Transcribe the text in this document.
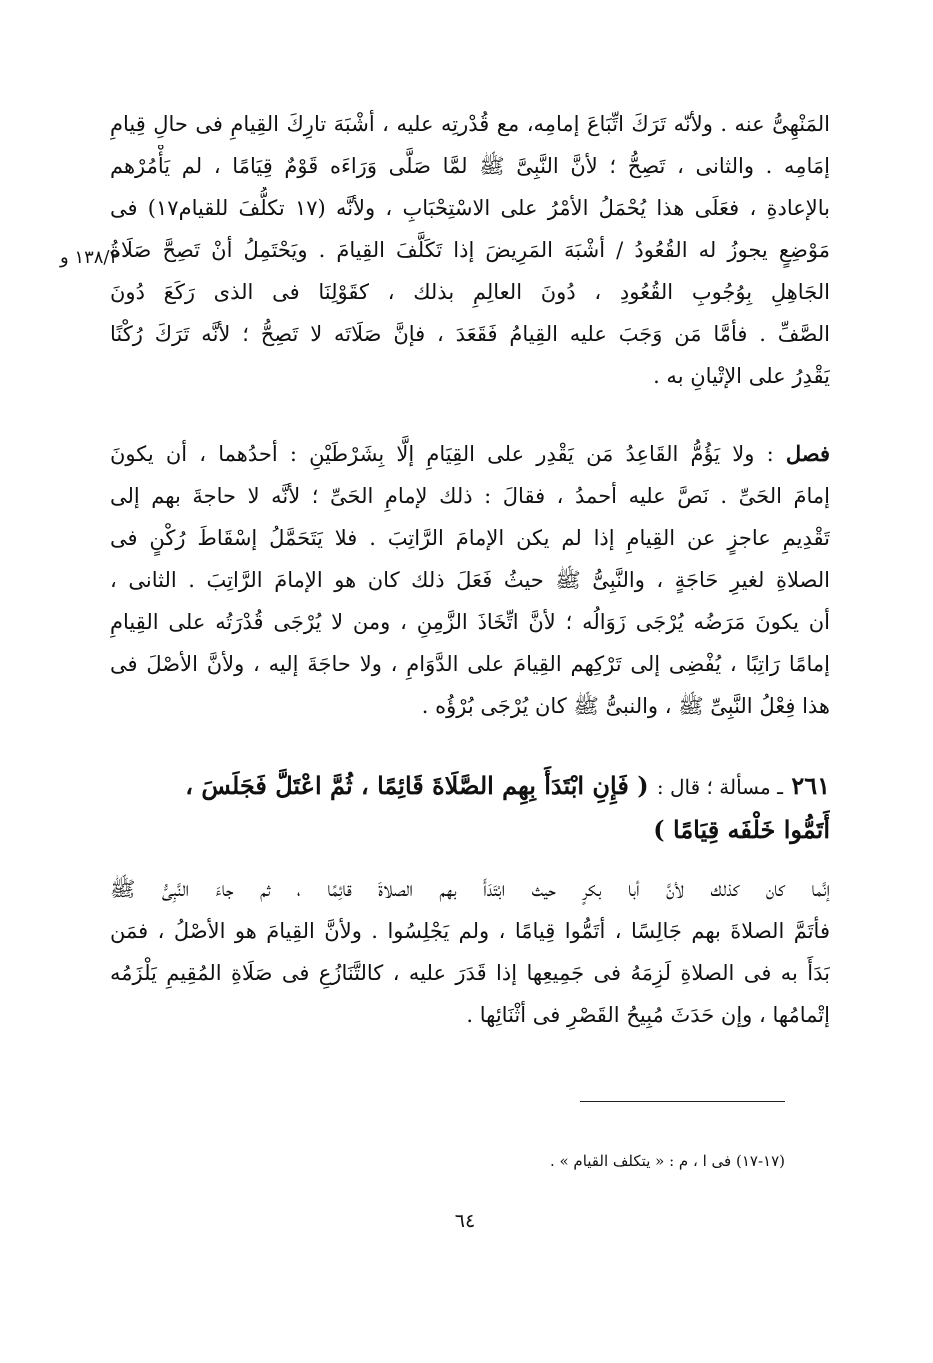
المَنْهِىُّ عنه . ولأنّه تَرَكَ اتِّبَاعَ إمامِه، مع قُدْرتِه عليه ، أشْبَهَ تارِكَ القِيامِ فى حالِ قِيامِ
إمَامِه . والثانى ، تَصِحُّ ؛ لأنَّ النَّبِىَّ ﷺ لمَّا صَلَّى وَرَاءَه قَوْمٌ قِيَامًا ، لم يَأْمُرْهم
بالإعادةِ ، فعَلَى هذا يُحْمَلُ الأمْرُ على الاسْتِحْبَابِ ، ولأنَّه (١٧ تكلُّفَ للقيام١٧) فى
مَوْضِعٍ يجوزُ له القُعُودُ / أشْبَهَ المَرِيضَ إذا تَكَلَّفَ القِيامَ . ويَحْتَمِلُ أنْ تَصِحَّ صَلَاةُ
الجَاهِلِ بِوُجُوبِ القُعُودِ ، دُونَ العالِمِ بذلك ، كقَوْلِنَا فى الذى رَكَعَ دُونَ
الصَّفِّ . فأمَّا مَن وَجَبَ عليه القِيامُ فَقَعَدَ ، فإنَّ صَلَاتَه لا تَصِحُّ ؛ لأنَّه تَرَكَ رُكْنًا
يَقْدِرُ على الإتْيانِ به .
١٣٨/٢ و
فصل : ولا يَؤُمُّ القَاعِدُ مَن يَقْدِر على القِيَامِ إلَّا بِشَرْطَيْنِ : أحدُهما ، أن يكونَ
إمامَ الحَىِّ . نَصَّ عليه أحمدُ ، فقالَ : ذلك لإمامِ الحَىِّ ؛ لأنَّه لا حاجةَ بهم إلى
تَقْدِيمِ عاجزٍ عن القِيامِ إذا لم يكن الإمامَ الرَّاتِبَ . فلا يَتَحَمَّلُ إسْقَاطَ رُكْنٍ فى
الصلاةِ لغيرِ حَاجَةٍ ، والنَّبِىُّ ﷺ حيثُ فَعَلَ ذلك كان هو الإمامَ الرَّاتِبَ . الثانى ،
أن يكونَ مَرَضُه يُرْجَى زَوَالُه ؛ لأنَّ اتِّخَاذَ الزَّمِنِ ، ومن لا يُرْجَى قُدْرَتُه على القِيامِ
إمامًا رَاتِبًا ، يُفْضِى إلى تَرْكِهم القِيامَ على الدَّوَامِ ، ولا حاجَةَ إليه ، ولأنَّ الأصْلَ فى
هذا فِعْلُ النَّبِىِّ ﷺ ، والنبىُّ ﷺ كان يُرْجَى بُرْؤُه .
٢٦١ ـ مسألة ؛ قال : ( فَإِنِ ابْتَدَأَ بِهِم الصَّلَاةَ قَائِمًا ، ثُمَّ اعْتَلَّ فَجَلَسَ ،
أَتَمُّوا خَلْفَه قِيَامًا )
إنَّما كان كذلك لأنَّ أبا بكرٍ حيث ابْتَدَأَ بهم الصلاةَ قائِمًا ، ثم جاءَ النَّبِىُّ ﷺ
فأتَمَّ الصلاةَ بهم جَالِسًا ، أتَمُّوا قِيامًا ، ولم يَجْلِسُوا . ولأنَّ القِيامَ هو الأصْلُ ، فمَن
بَدَأَ به فى الصلاةِ لَزِمَهُ فى جَمِيعِها إذا قَدَرَ عليه ، كالتَّنَازُعِ فى صَلَاةِ المُقِيمِ يَلْزَمُه
إتْمامُها ، وإن حَدَثَ مُبِيحُ القَصْرِ فى أثْنَائِها .
(١٧-١٧) فى ا ، م : « يتكلف القيام » .
٦٤
